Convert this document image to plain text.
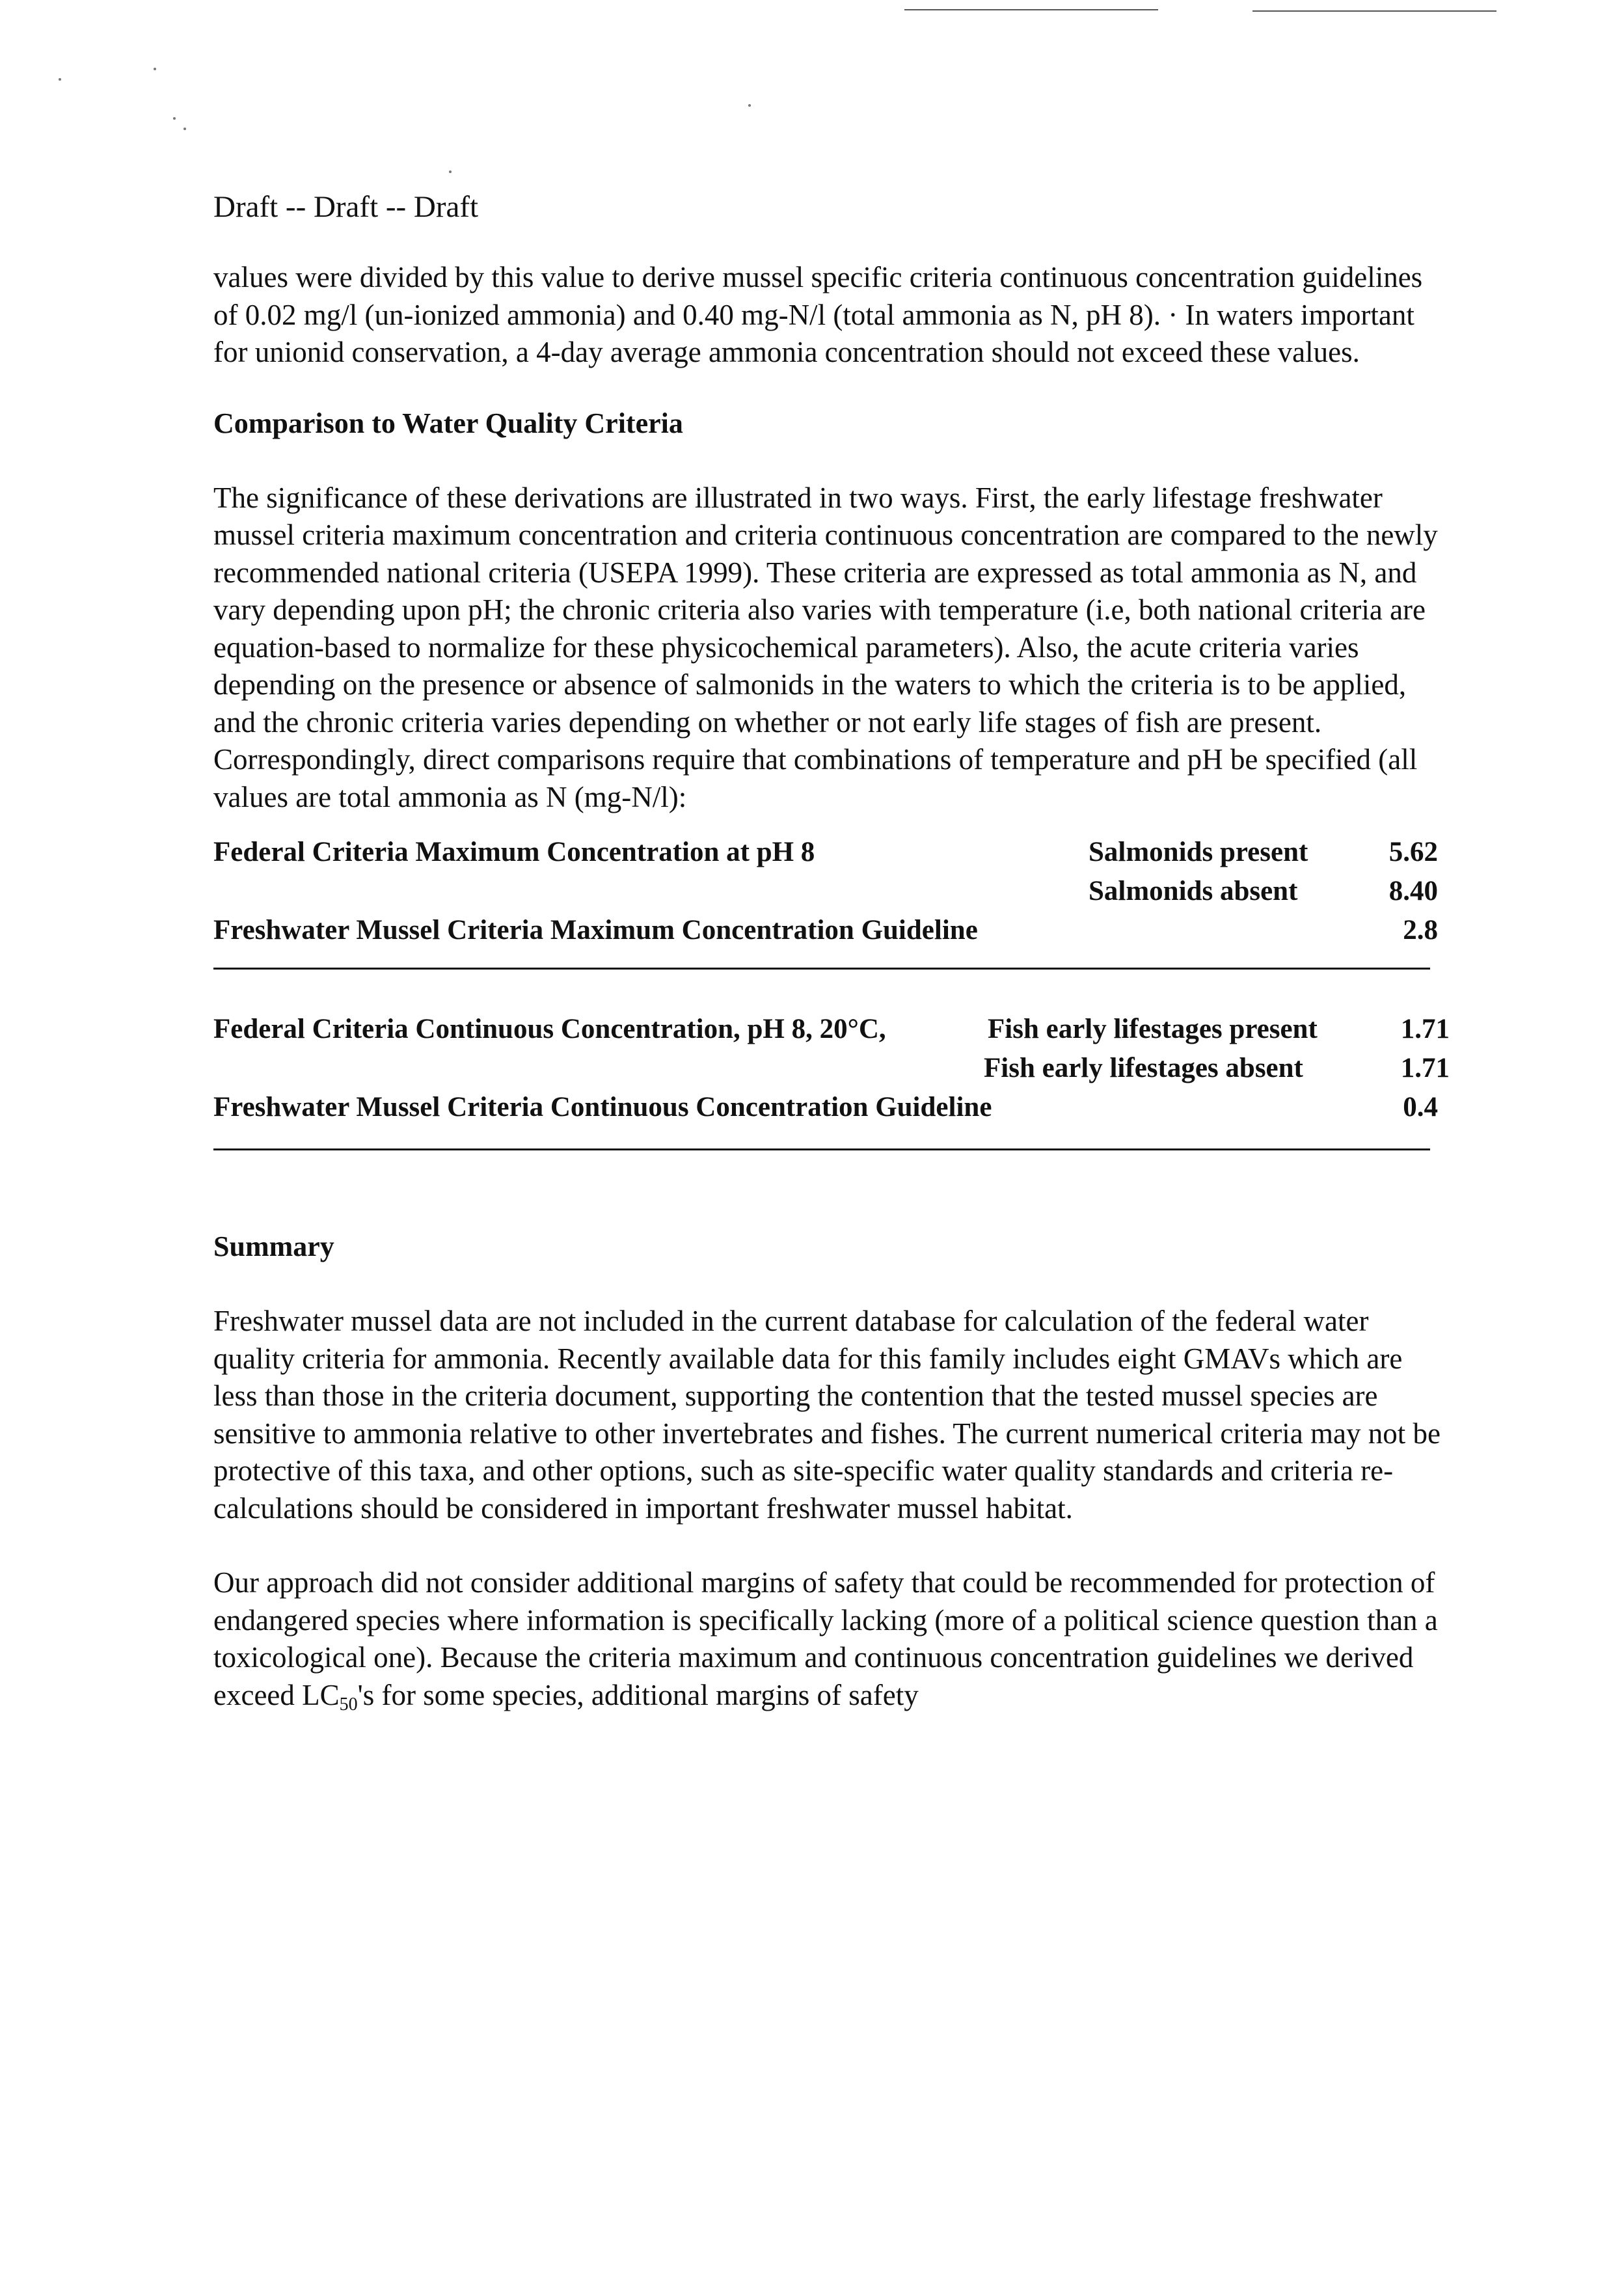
Draft -- Draft -- Draft

values were divided by this value to derive mussel specific criteria continuous concentration guidelines of 0.02 mg/l (un-ionized ammonia) and 0.40 mg-N/l (total ammonia as N, pH 8). · In waters important for unionid conservation, a 4-day average ammonia concentration should not exceed these values.

Comparison to Water Quality Criteria

The significance of these derivations are illustrated in two ways. First, the early lifestage freshwater mussel criteria maximum concentration and criteria continuous concentration are compared to the newly recommended national criteria (USEPA 1999). These criteria are expressed as total ammonia as N, and vary depending upon pH; the chronic criteria also varies with temperature (i.e, both national criteria are equation-based to normalize for these physicochemical parameters). Also, the acute criteria varies depending on the presence or absence of salmonids in the waters to which the criteria is to be applied, and the chronic criteria varies depending on whether or not early life stages of fish are present. Correspondingly, direct comparisons require that combinations of temperature and pH be specified (all values are total ammonia as N (mg-N/l):

Federal Criteria Maximum Concentration at pH 8	Salmonids present	5.62
Salmonids absent	8.40
Freshwater Mussel Criteria Maximum Concentration Guideline	2.8
Federal Criteria Continuous Concentration, pH 8, 20°C,	Fish early lifestages present	1.71
Fish early lifestages absent	1.71
Freshwater Mussel Criteria Continuous Concentration Guideline	0.4
Summary

Freshwater mussel data are not included in the current database for calculation of the federal water quality criteria for ammonia. Recently available data for this family includes eight GMAVs which are less than those in the criteria document, supporting the contention that the tested mussel species are sensitive to ammonia relative to other invertebrates and fishes. The current numerical criteria may not be protective of this taxa, and other options, such as site-specific water quality standards and criteria re-calculations should be considered in important freshwater mussel habitat.

Our approach did not consider additional margins of safety that could be recommended for protection of endangered species where information is specifically lacking (more of a political science question than a toxicological one). Because the criteria maximum and continuous concentration guidelines we derived exceed $LC_{50}'s$ for some species, additional margins of safety
